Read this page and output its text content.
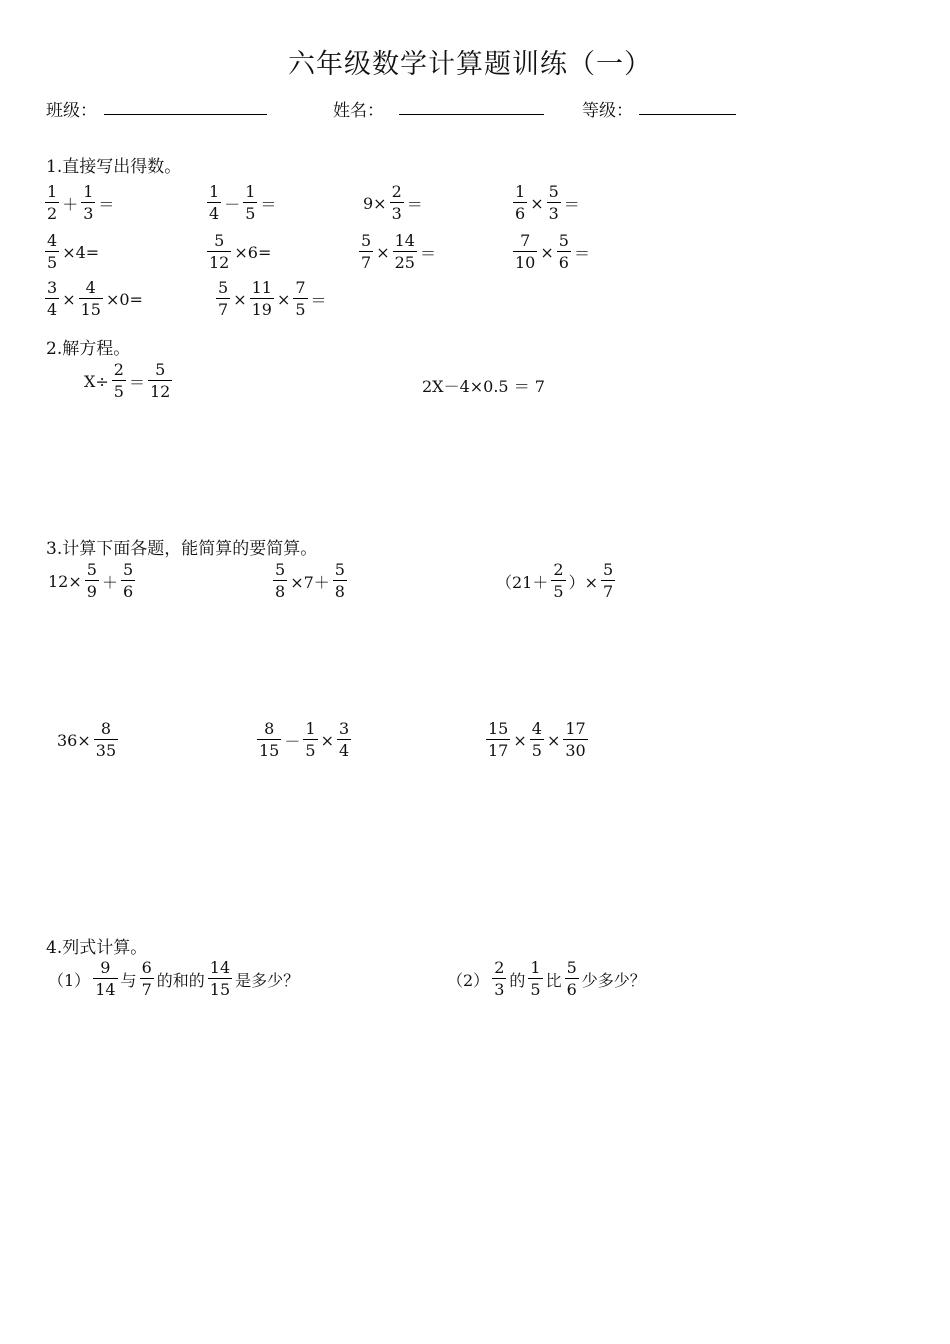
六年级数学计算题训练（一）
班级：	姓名：	等级：
1.直接写出得数。
$\frac{1}{2} + \frac{1}{3}$ ＝	$\frac{1}{4} - \frac{1}{5}$ ＝	$9\times \frac{2}{3}$ ＝	$\frac{1}{6} \times \frac{5}{3}$ ＝
$\frac{4}{5} \times 4=$	$\frac{5}{12} \times 6=$	$\frac{5}{7} \times \frac{14}{25}$ ＝	$\frac{7}{10} \times \frac{5}{6}$ ＝
$\frac{3}{4} \times \frac{4}{15} \times 0=$	$\frac{5}{7} \times \frac{11}{19} \times \frac{7}{5}$ ＝
2.解方程。
$X\div \frac{2}{5} = \frac{5}{12}$	2X－4×0.5 ＝ 7
3.计算下面各题，能简算的要简算。
$12\times \frac{5}{9} + \frac{5}{6}$	$\frac{5}{8} \times 7+ \frac{5}{8}$	（$21+ \frac{2}{5}$ ）× $\frac{5}{7}$
$36\times \frac{8}{35}$	$\frac{8}{15} - \frac{1}{5} \times \frac{3}{4}$	$\frac{15}{17} \times \frac{4}{5} \times \frac{17}{30}$
4.列式计算。
$(1) \frac{9}{14}$ 与 $\frac{6}{7}$ 的和的 $\frac{14}{15}$ 是多少？	$(2) \frac{2}{3}$ 的 $\frac{1}{5}$ 比 $\frac{5}{6}$ 少多少？
